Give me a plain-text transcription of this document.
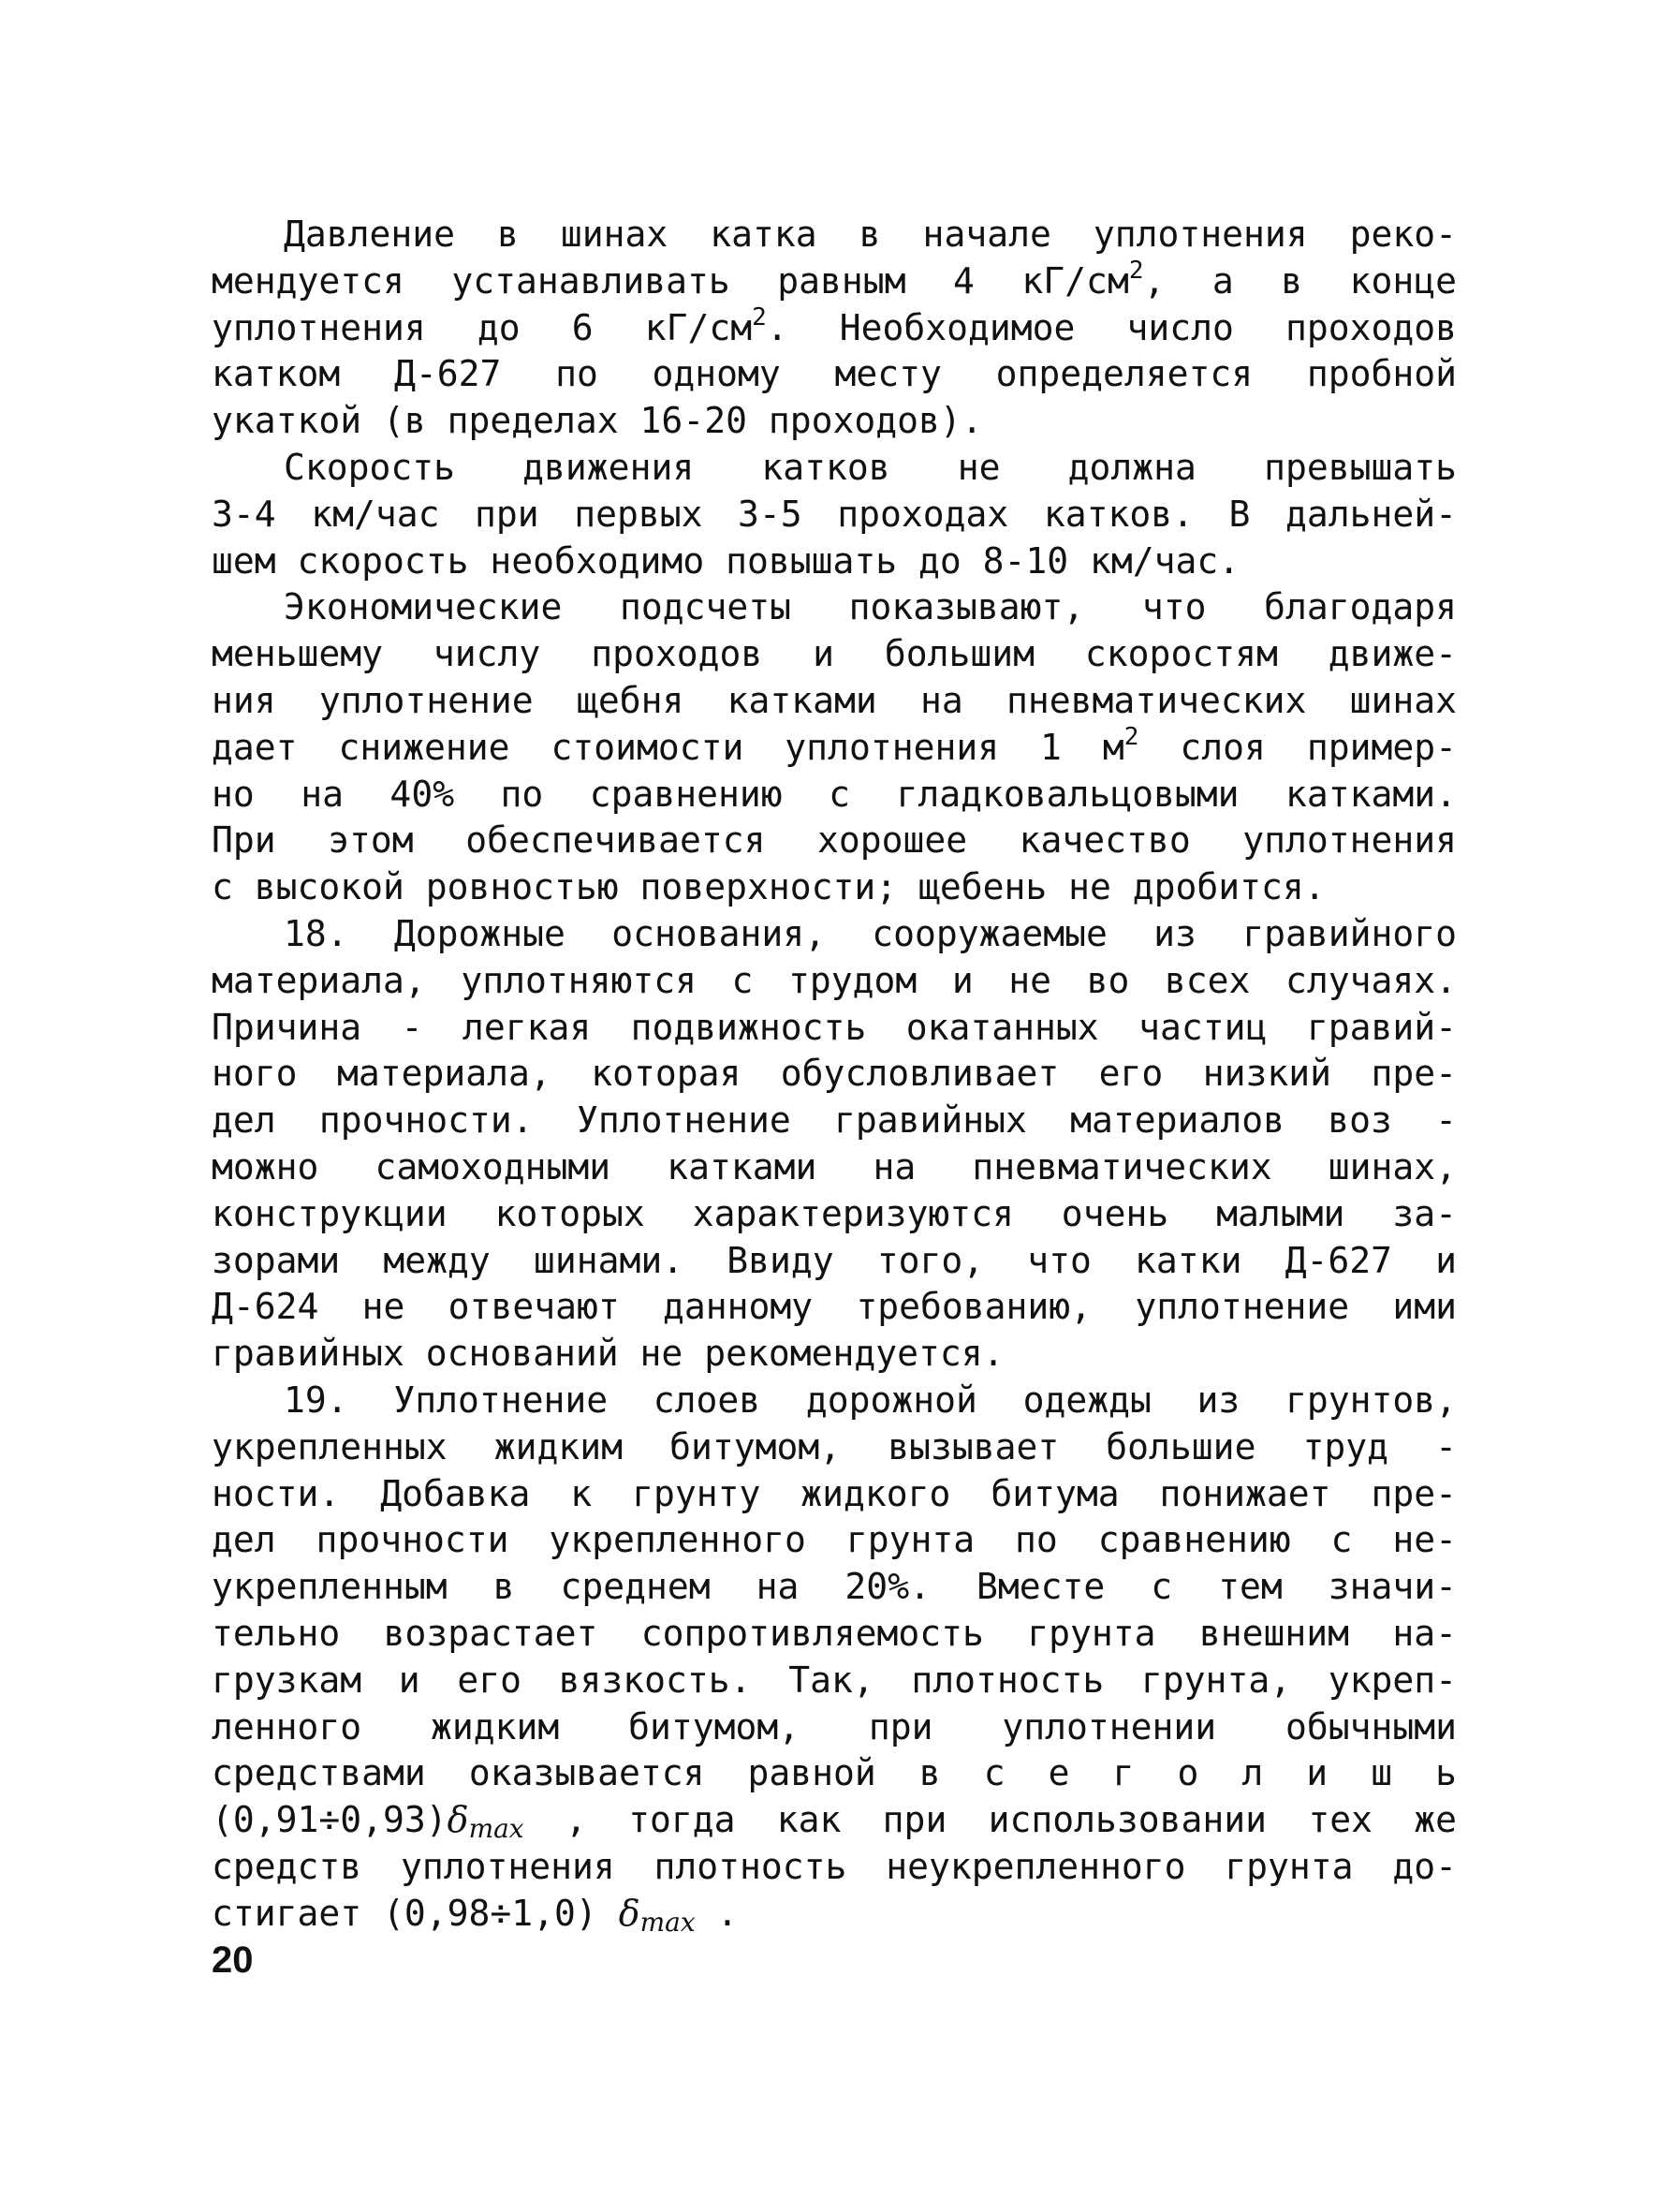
Давление в шинах катка в начале уплотнения реко-
мендуется устанавливать равным 4 $кГ/см^2$, а в конце
уплотнения до 6 $кГ/см^2$. Необходимое число проходов
катком Д-627 по одному месту определяется пробной
укаткой (в пределах 16-20 проходов).
Скорость движения катков не должна превышать
3-4 км/час при первых 3-5 проходах катков. В дальней-
шем скорость необходимо повышать до 8-10 км/час.
Экономические подсчеты показывают, что благодаря
меньшему числу проходов и большим скоростям движе-
ния уплотнение щебня катками на пневматических шинах
дает снижение стоимости уплотнения 1 $м^2$ слоя пример-
но на 40% по сравнению с гладковальцовыми катками.
При этом обеспечивается хорошее качество уплотнения
с высокой ровностью поверхности; щебень не дробится.
18. Дорожные основания, сооружаемые из гравийного
материала, уплотняются с трудом и не во всех случаях.
Причина - легкая подвижность окатанных частиц гравий-
ного материала, которая обусловливает его низкий пре-
дел прочности. Уплотнение гравийных материалов воз -
можно самоходными катками на пневматических шинах,
конструкции которых характеризуются очень малыми за-
зорами между шинами. Ввиду того, что катки Д-627 и
Д-624 не отвечают данному требованию, уплотнение ими
гравийных оснований не рекомендуется.
19. Уплотнение слоев дорожной одежды из грунтов,
укрепленных жидким битумом, вызывает большие труд -
ности. Добавка к грунту жидкого битума понижает пре-
дел прочности укрепленного грунта по сравнению с не-
укрепленным в среднем на 20%. Вместе с тем значи-
тельно возрастает сопротивляемость грунта внешним на-
грузкам и его вязкость. Так, плотность грунта, укреп-
ленного жидким битумом, при уплотнении обычными
средствами оказывается равной в с е г о л и ш ь
$(0,91\div 0,93)\delta_{max}$ , тогда как при использовании тех же
средств уплотнения плотность неукрепленного грунта до-
стигает (0,98÷1,0) $\delta_{max}$ .
20
